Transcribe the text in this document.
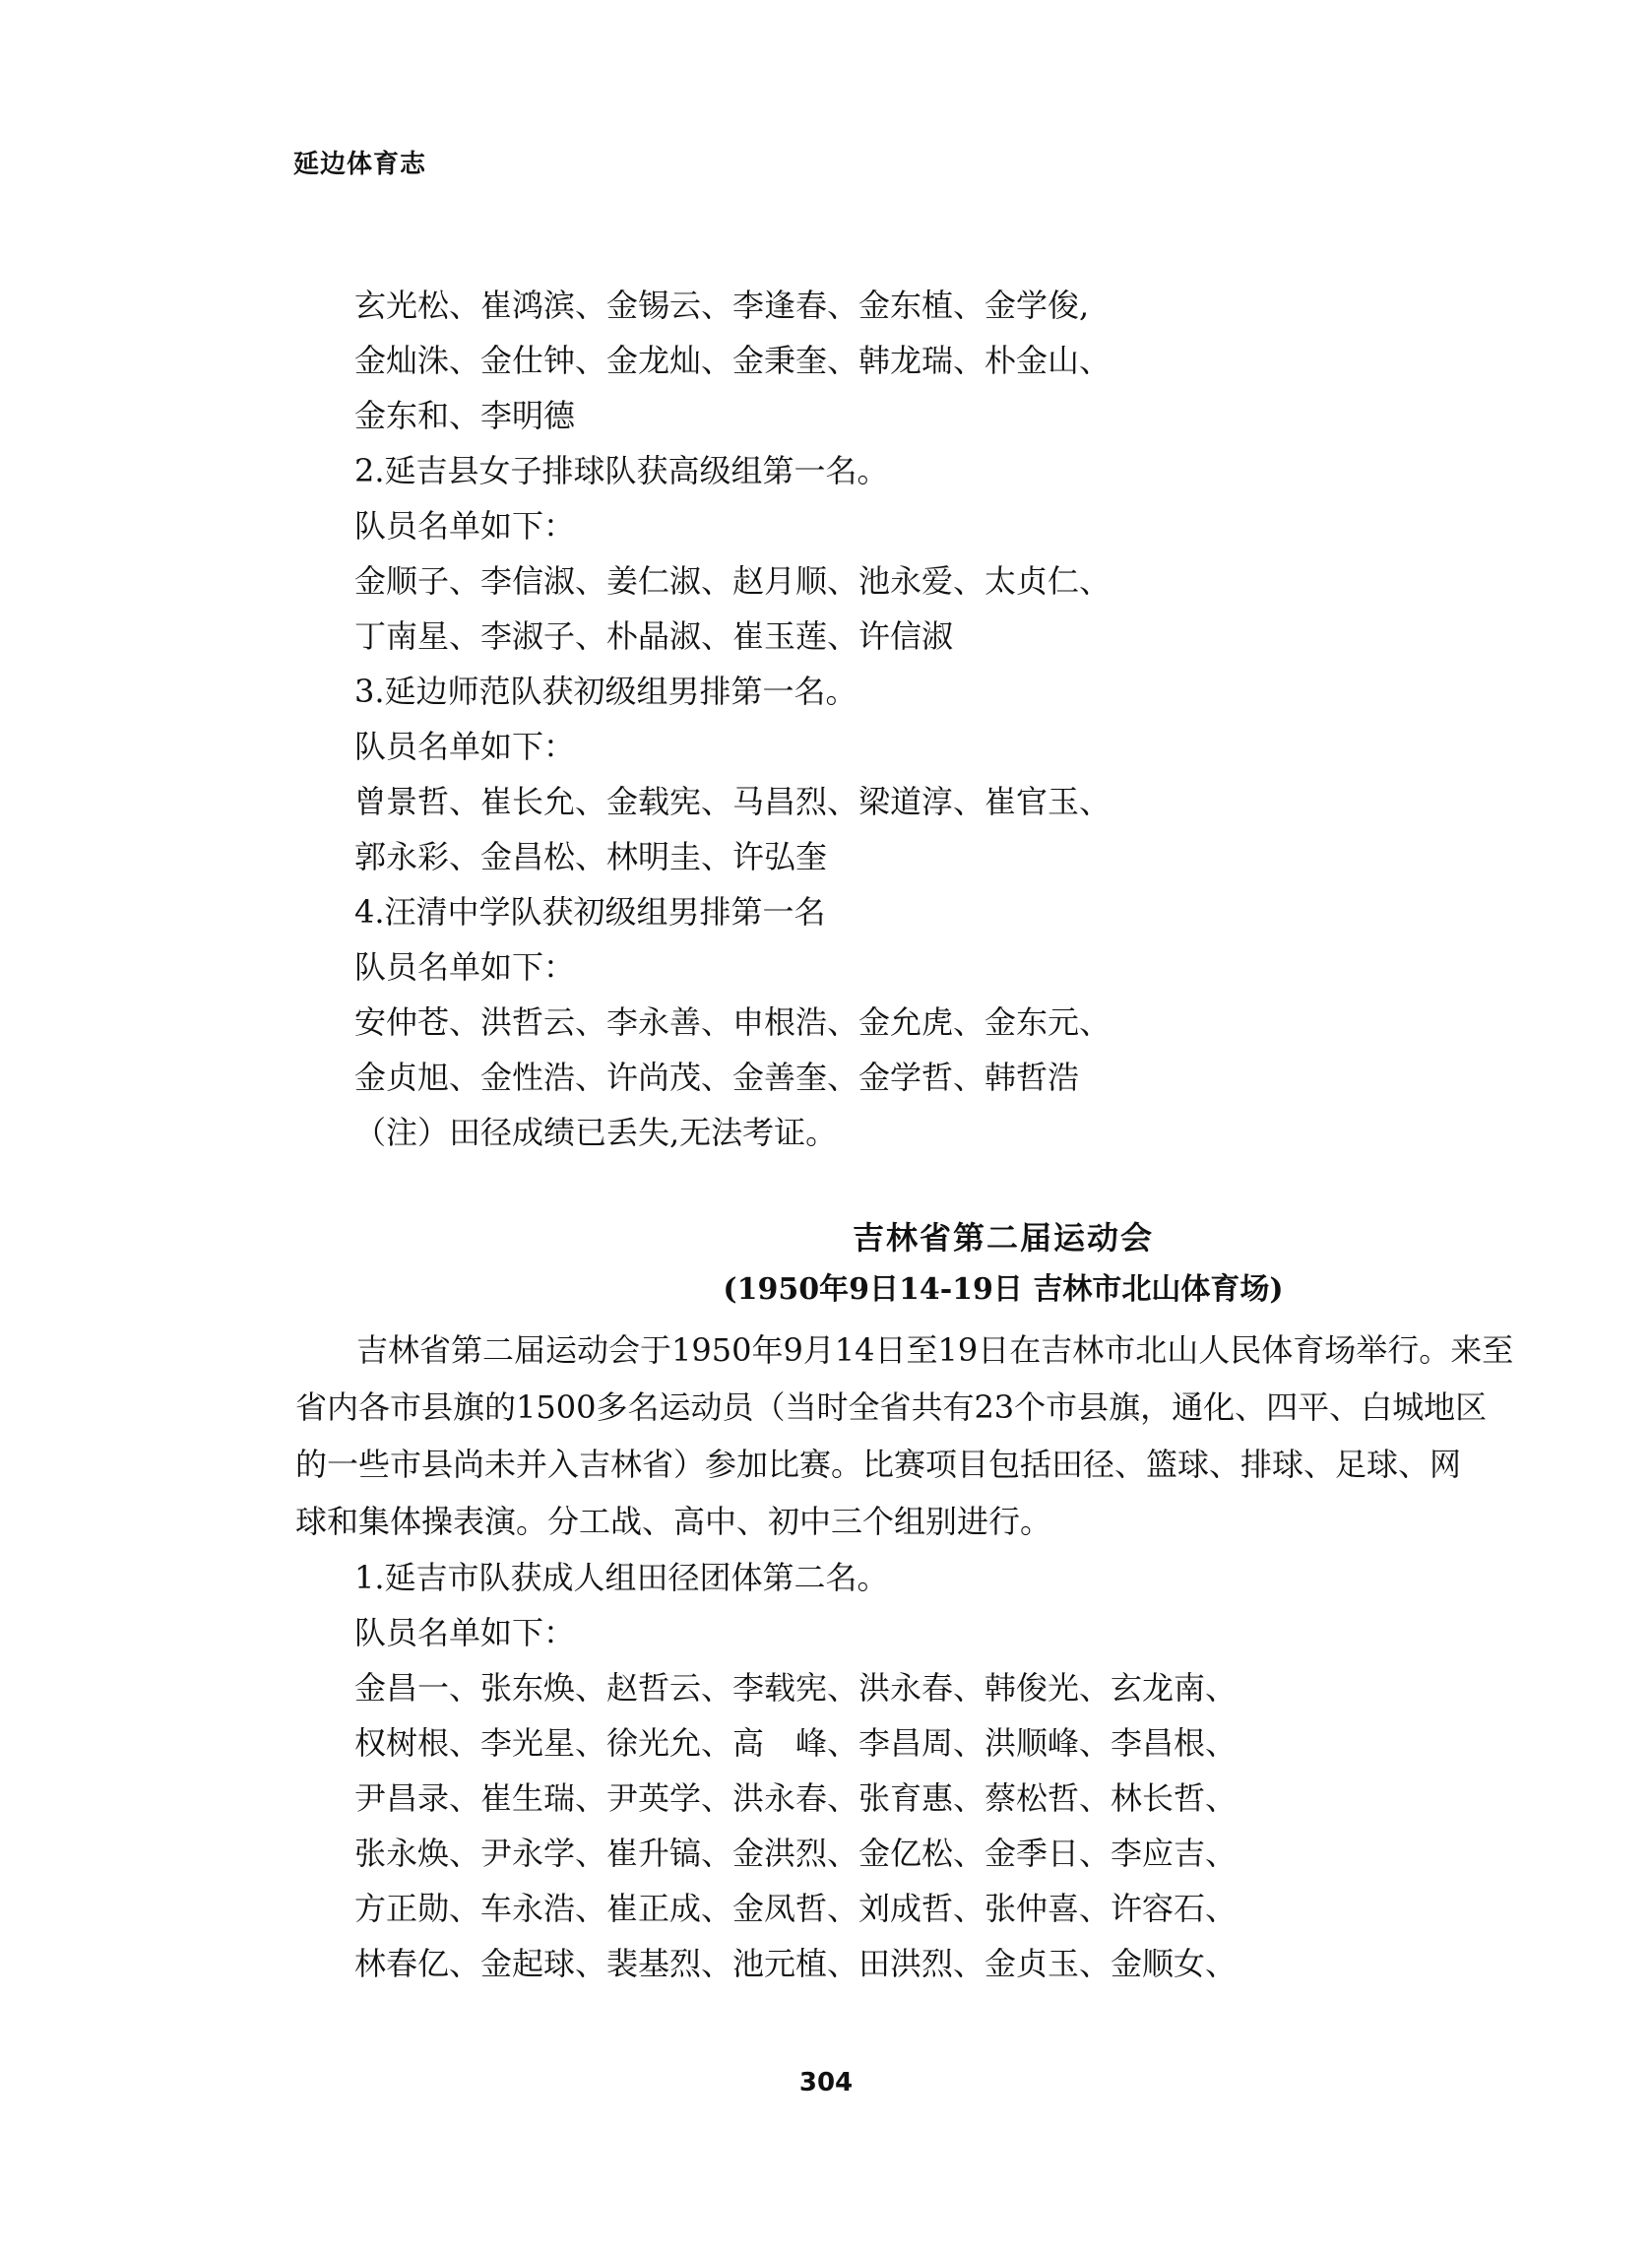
延边体育志
玄光松、崔鸿滨、金锡云、李逢春、金东植、金学俊,
金灿洙、金仕钟、金龙灿、金秉奎、韩龙瑞、朴金山、
金东和、李明德
2.延吉县女子排球队获高级组第一名。
队员名单如下：
金顺子、李信淑、姜仁淑、赵月顺、池永爱、太贞仁、
丁南星、李淑子、朴晶淑、崔玉莲、许信淑
3.延边师范队获初级组男排第一名。
队员名单如下：
曾景哲、崔长允、金载宪、马昌烈、梁道淳、崔官玉、
郭永彩、金昌松、林明圭、许弘奎
4.汪清中学队获初级组男排第一名
队员名单如下：
安仲苍、洪哲云、李永善、申根浩、金允虎、金东元、
金贞旭、金性浩、许尚茂、金善奎、金学哲、韩哲浩
（注）田径成绩已丢失,无法考证。
吉林省第二届运动会
(1950年9日14-19日 吉林市北山体育场)
吉林省第二届运动会于1950年9月14日至19日在吉林市北山人民体育场举行。来至
省内各市县旗的1500多名运动员（当时全省共有23个市县旗，通化、四平、白城地区
的一些市县尚未并入吉林省）参加比赛。比赛项目包括田径、篮球、排球、足球、网
球和集体操表演。分工战、高中、初中三个组别进行。
1.延吉市队获成人组田径团体第二名。
队员名单如下：
金昌一、张东焕、赵哲云、李载宪、洪永春、韩俊光、玄龙南、
权树根、李光星、徐光允、高　峰、李昌周、洪顺峰、李昌根、
尹昌录、崔生瑞、尹英学、洪永春、张育惠、蔡松哲、林长哲、
张永焕、尹永学、崔升镐、金洪烈、金亿松、金季日、李应吉、
方正勋、车永浩、崔正成、金凤哲、刘成哲、张仲喜、许容石、
林春亿、金起球、裴基烈、池元植、田洪烈、金贞玉、金顺女、
304
